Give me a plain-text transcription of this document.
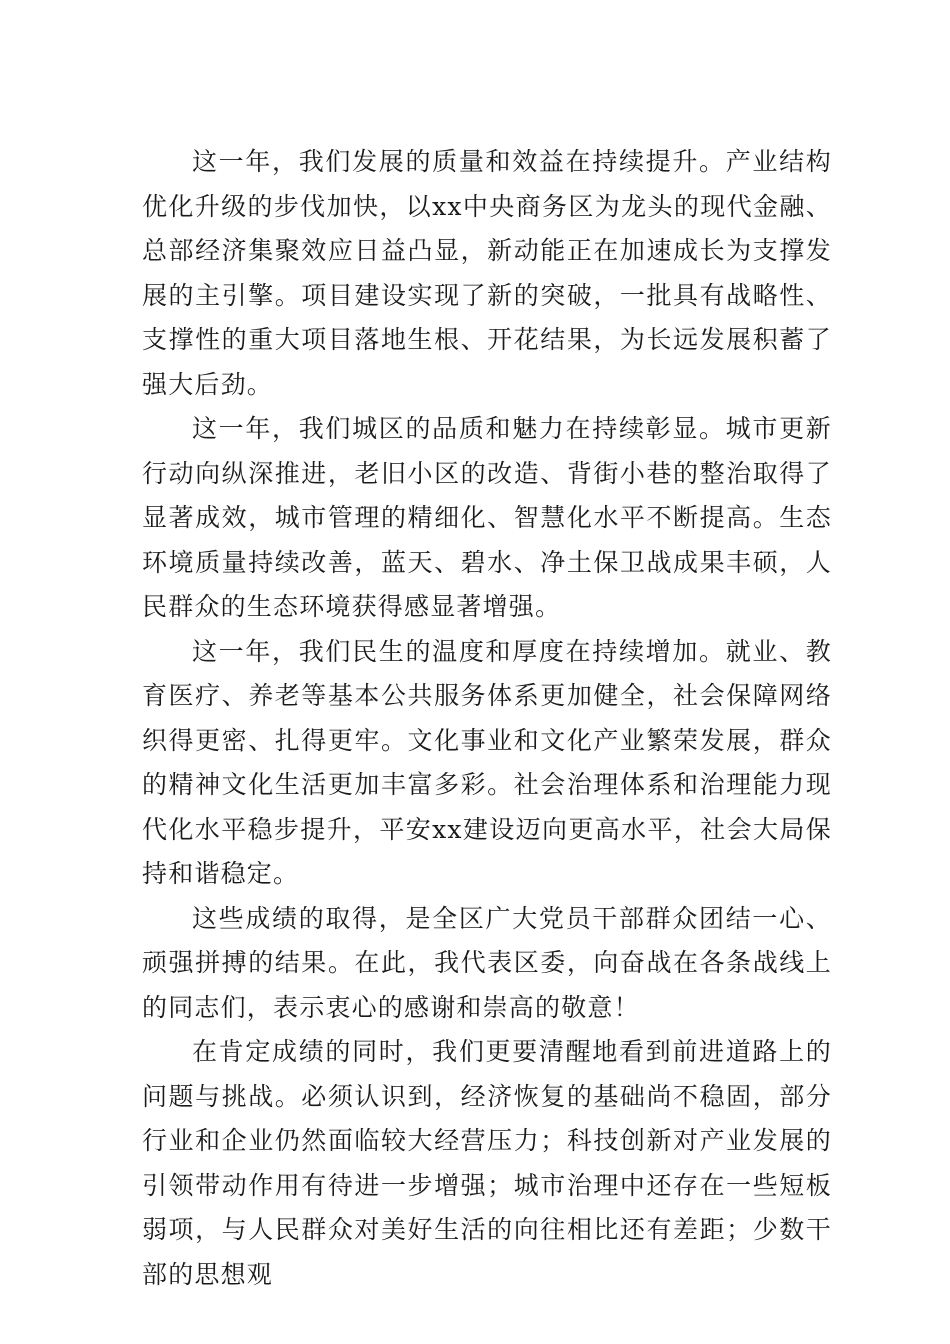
这一年，我们发展的质量和效益在持续提升。产业结构优化升级的步伐加快，以xx中央商务区为龙头的现代金融、总部经济集聚效应日益凸显，新动能正在加速成长为支撑发展的主引擎。项目建设实现了新的突破，一批具有战略性、支撑性的重大项目落地生根、开花结果，为长远发展积蓄了强大后劲。

这一年，我们城区的品质和魅力在持续彰显。城市更新行动向纵深推进，老旧小区的改造、背街小巷的整治取得了显著成效，城市管理的精细化、智慧化水平不断提高。生态环境质量持续改善，蓝天、碧水、净土保卫战成果丰硕，人民群众的生态环境获得感显著增强。

这一年，我们民生的温度和厚度在持续增加。就业、教育医疗、养老等基本公共服务体系更加健全，社会保障网络织得更密、扎得更牢。文化事业和文化产业繁荣发展，群众的精神文化生活更加丰富多彩。社会治理体系和治理能力现代化水平稳步提升，平安xx建设迈向更高水平，社会大局保持和谐稳定。

这些成绩的取得，是全区广大党员干部群众团结一心、顽强拼搏的结果。在此，我代表区委，向奋战在各条战线上的同志们，表示衷心的感谢和崇高的敬意！

在肯定成绩的同时，我们更要清醒地看到前进道路上的问题与挑战。必须认识到，经济恢复的基础尚不稳固，部分行业和企业仍然面临较大经营压力；科技创新对产业发展的引领带动作用有待进一步增强；城市治理中还存在一些短板弱项，与人民群众对美好生活的向往相比还有差距；少数干部的思想观
